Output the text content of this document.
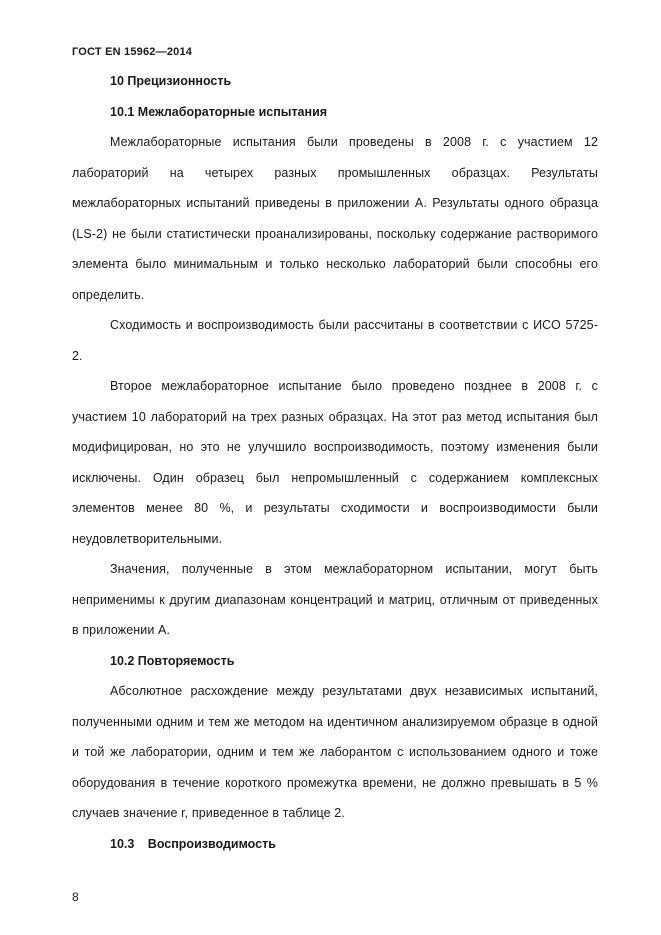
ГОСТ EN 15962—2014

10 Прецизионность

10.1 Межлабораторные испытания

Межлабораторные испытания были проведены в 2008 г. с участием 12 лабораторий на четырех разных промышленных образцах. Результаты межлабораторных испытаний приведены в приложении А. Результаты одного образца (LS-2) не были статистически проанализированы, поскольку содержание растворимого элемента было минимальным и только несколько лабораторий были способны его определить.

Сходимость и воспроизводимость были рассчитаны в соответствии с ИСО 5725-2.

Второе межлабораторное испытание было проведено позднее в 2008 г. с участием 10 лабораторий на трех разных образцах. На этот раз метод испытания был модифицирован, но это не улучшило воспроизводимость, поэтому изменения были исключены. Один образец был непромышленный с содержанием комплексных элементов менее 80 %, и результаты сходимости и воспроизводимости были неудовлетворительными.

Значения, полученные в этом межлабораторном испытании, могут быть неприменимы к другим диапазонам концентраций и матриц, отличным от приведенных в приложении А.

10.2 Повторяемость

Абсолютное расхождение между результатами двух независимых испытаний, полученными одним и тем же методом на идентичном анализируемом образце в одной и той же лаборатории, одним и тем же лаборантом с использованием одного и тоже оборудования в течение короткого промежутка времени, не должно превышать в 5 % случаев значение r, приведенное в таблице 2.

10.3 Воспроизводимость

8
